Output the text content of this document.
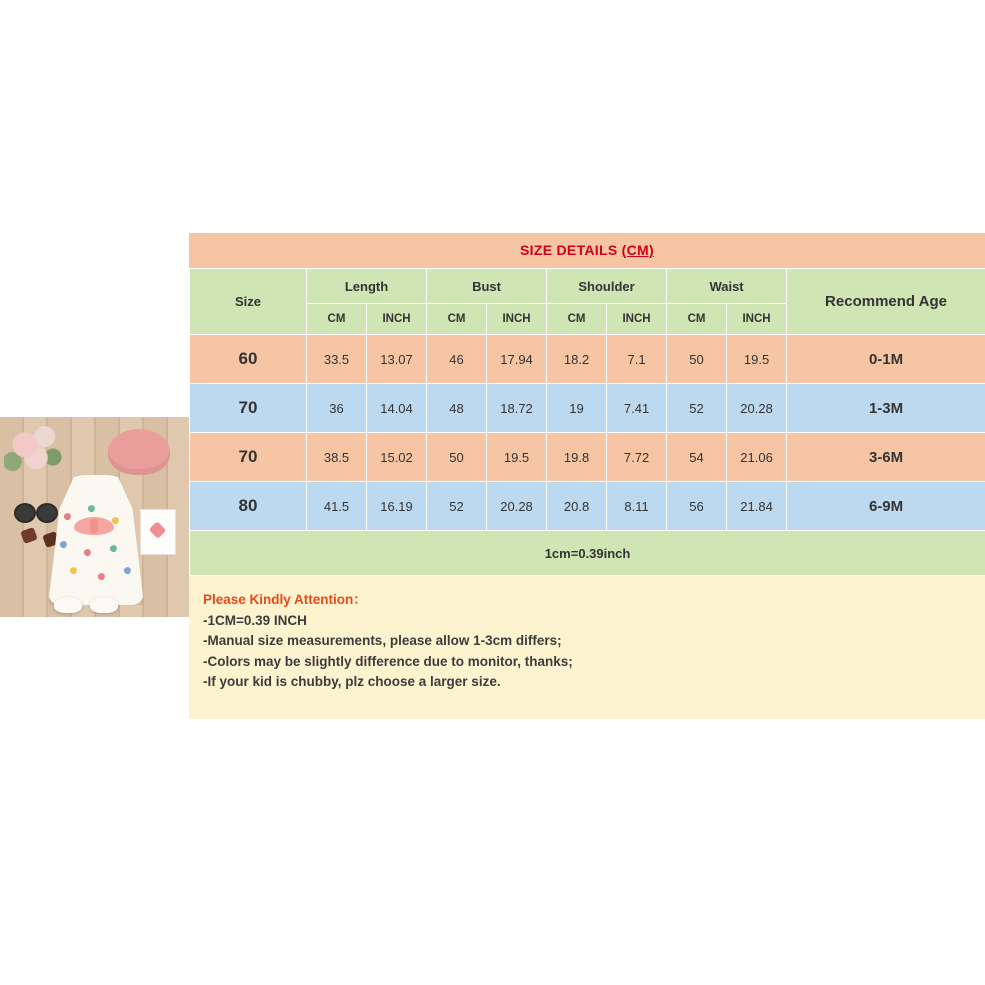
SIZE DETAILS (CM)
Size	Length		Bust		Shoulder		Waist		Recommend Age
	CM	INCH	CM	INCH	CM	INCH	CM	INCH	
60	33.5	13.07	46	17.94	18.2	7.1	50	19.5	0-1M
70	36	14.04	48	18.72	19	7.41	52	20.28	1-3M
70	38.5	15.02	50	19.5	19.8	7.72	54	21.06	3-6M
80	41.5	16.19	52	20.28	20.8	8.11	56	21.84	6-9M
1cm=0.39inch									
Please Kindly Attention：
-1CM=0.39 INCH
-Manual size measurements, please allow 1-3cm differs;
-Colors may be slightly difference due to monitor, thanks;
-If your kid is chubby, plz choose a larger size.
